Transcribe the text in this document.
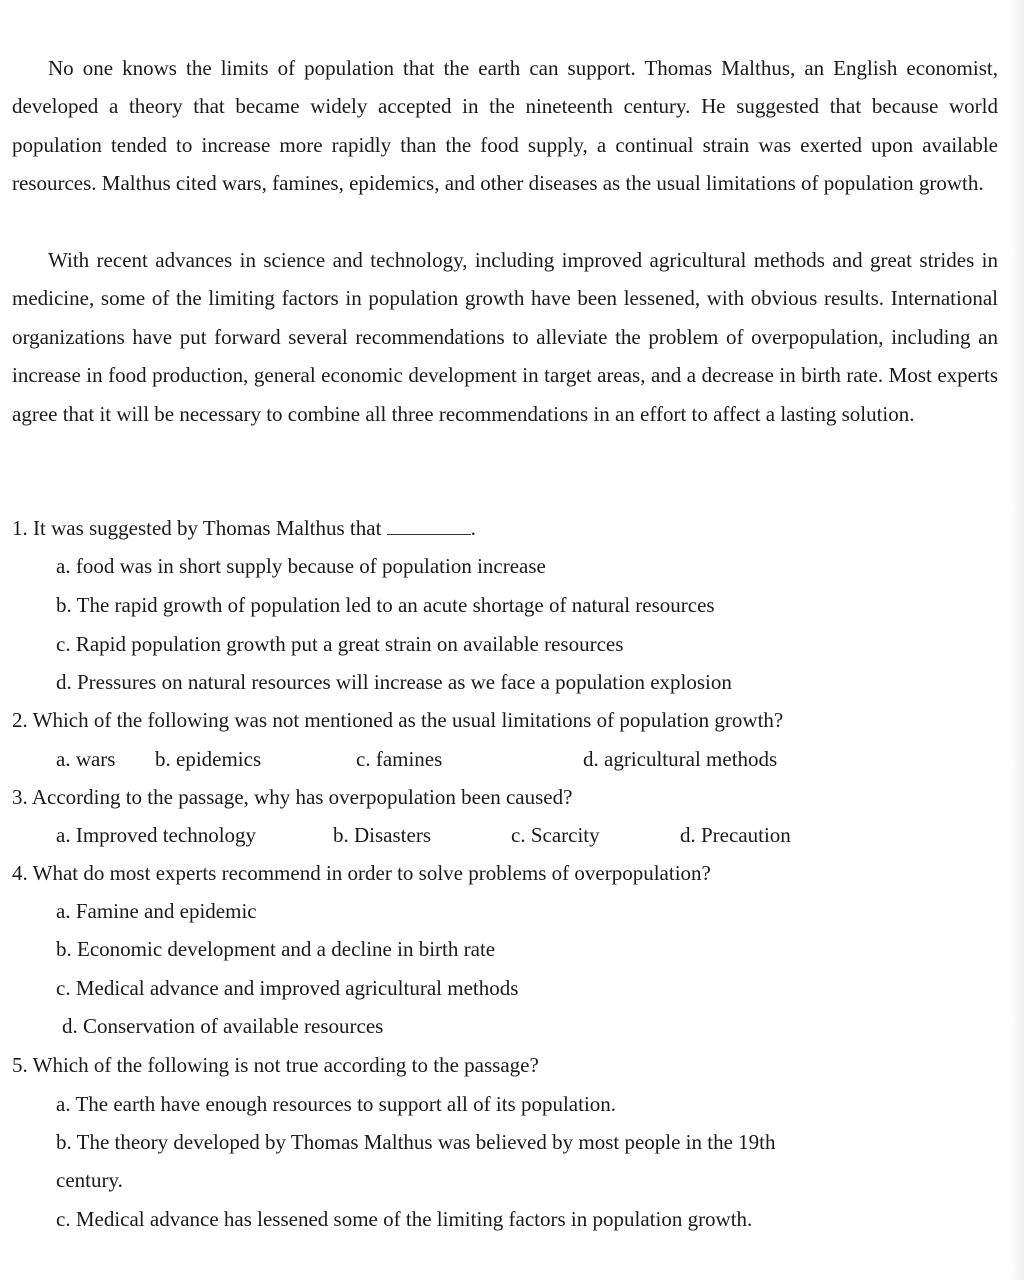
No one knows the limits of population that the earth can support. Thomas Malthus, an English economist, developed a theory that became widely accepted in the nineteenth century. He suggested that because world population tended to increase more rapidly than the food supply, a continual strain was exerted upon available resources. Malthus cited wars, famines, epidemics, and other diseases as the usual limitations of population growth.

With recent advances in science and technology, including improved agricultural methods and great strides in medicine, some of the limiting factors in population growth have been lessened, with obvious results. International organizations have put forward several recommendations to alleviate the problem of overpopulation, including an increase in food production, general economic development in target areas, and a decrease in birth rate. Most experts agree that it will be necessary to combine all three recommendations in an effort to affect a lasting solution.

1. It was suggested by Thomas Malthus that	.
a. food was in short supply because of population increase
b. The rapid growth of population led to an acute shortage of natural resources
c. Rapid population growth put a great strain on available resources
d. Pressures on natural resources will increase as we face a population explosion
2. Which of the following was not mentioned as the usual limitations of population growth?
a. wars b. epidemics	c. famines	d. agricultural methods
3. According to the passage, why has overpopulation been caused?
a. Improved technology	b. Disasters	c. Scarcity	d. Precaution
4. What do most experts recommend in order to solve problems of overpopulation?
a. Famine and epidemic
b. Economic development and a decline in birth rate
c. Medical advance and improved agricultural methods
d. Conservation of available resources
5. Which of the following is not true according to the passage?
a. The earth have enough resources to support all of its population.
b. The theory developed by Thomas Malthus was believed by most people in the 19th
century.
c. Medical advance has lessened some of the limiting factors in population growth.
